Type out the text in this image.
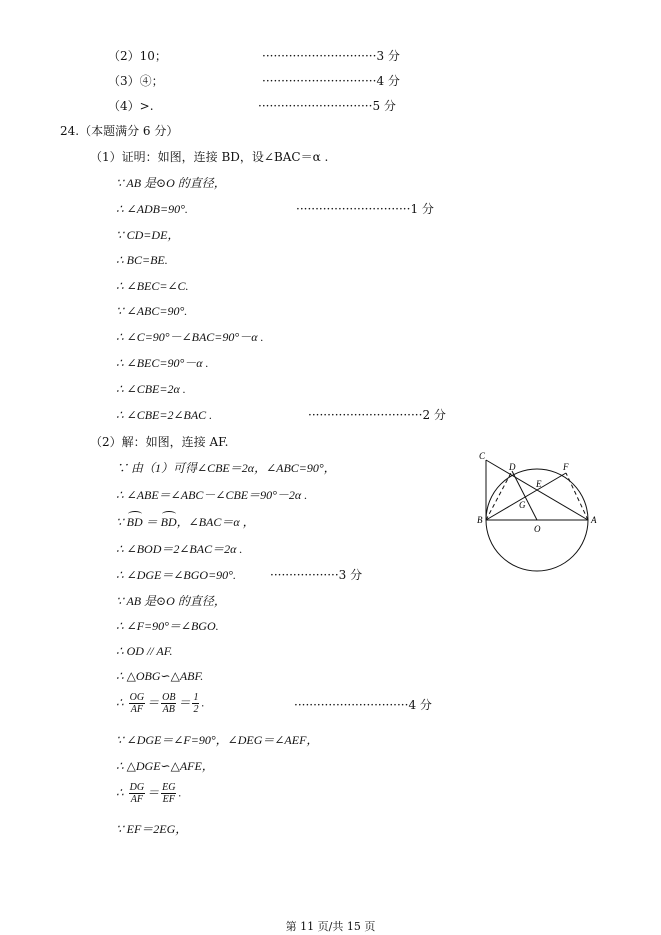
（2）10；	······························3 分
（3）④；	······························4 分
（4）>.	······························5 分
24.（本题满分 6 分）
（1）证明：如图，连接 BD，设∠BAC＝α .
∵ AB 是⊙O 的直径，
∴ ∠ADB=90°.	······························1 分
∵ CD=DE，
∴ BC=BE.
∴ ∠BEC=∠C.
∵ ∠ABC=90°.
∴ ∠C=90°－∠BAC=90°－α .
∴ ∠BEC=90°－α .
∴ ∠CBE=2α .
∴ ∠CBE=2∠BAC .	······························2 分
（2）解：如图，连接 AF.
∵ 由（1）可得∠CBE＝2α，∠ABC=90°，
∴ ∠ABE＝∠ABC－∠CBE＝90°－2α .
∵ BD ＝ BD，∠BAC＝α ，
∴ ∠BOD＝2∠BAC＝2α .
∴ ∠DGE＝∠BGO=90°.	··················3 分
∵ AB 是⊙O 的直径，
∴ ∠F=90°＝∠BGO.
∴ OD // AF.
∴ △OBG∽△ABF.
∴ $\frac{OG}{AF} = \frac{OB}{AB} = \frac{1}{2}$ .	······························4 分
∵ ∠DGE＝∠F=90°，∠DEG＝∠AEF，
∴ △DGE∽△AFE，
∴ $\frac{DG}{AF} = \frac{EG}{EF}$ .
∵ EF＝2EG，
C
D	F
E
G
B
O
A
第 11 页/共 15 页
